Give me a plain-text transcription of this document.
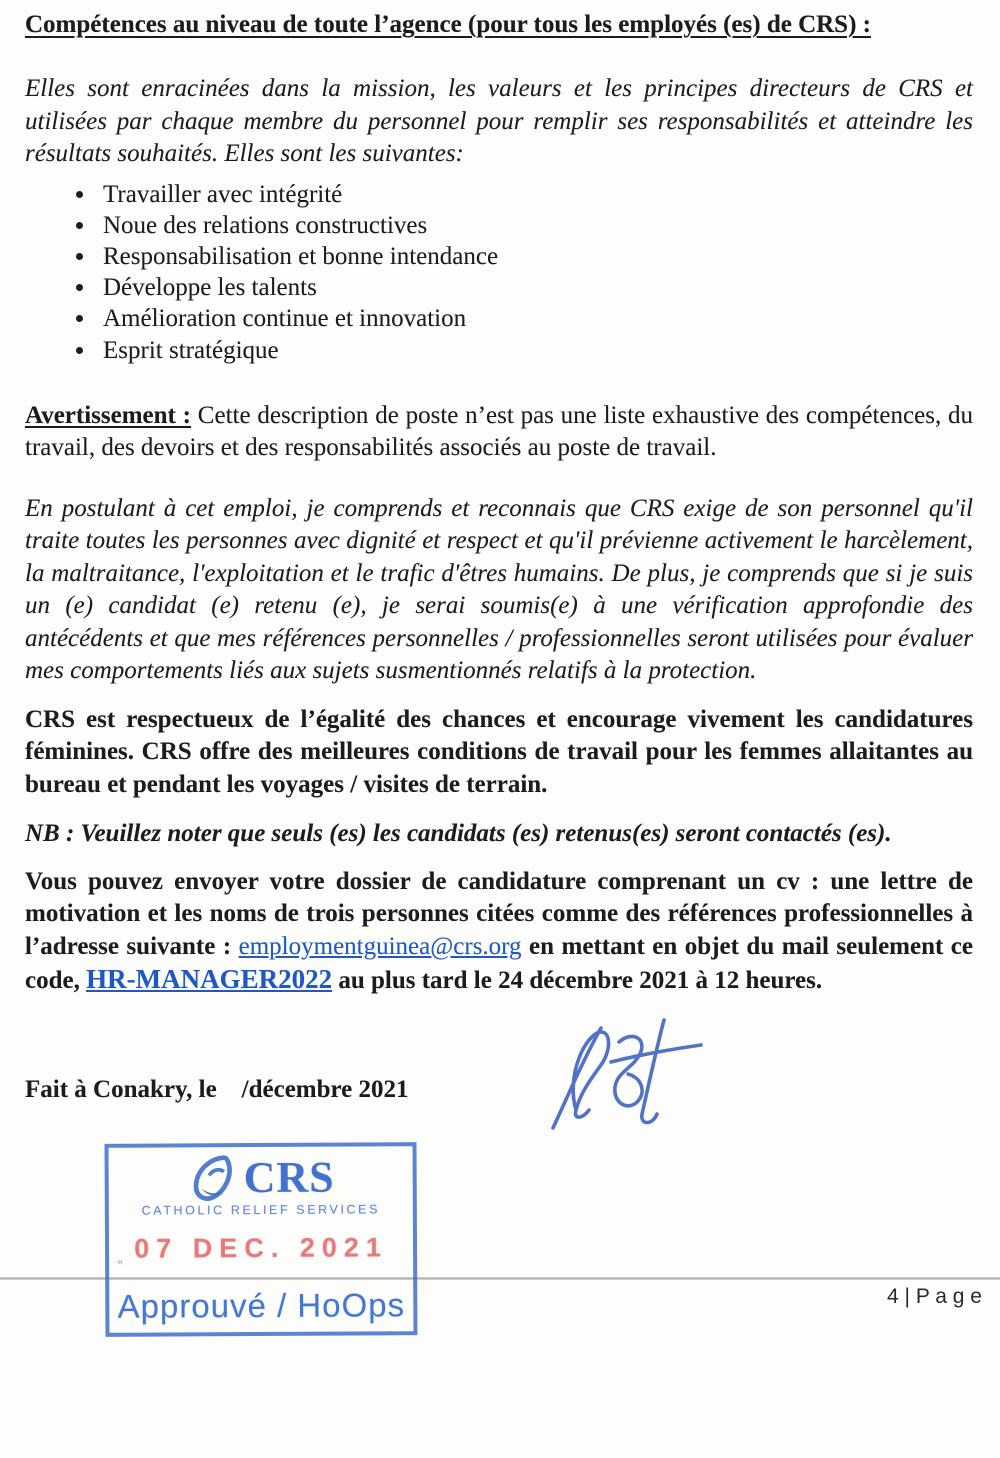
Compétences au niveau de toute l’agence (pour tous les employés (es) de CRS) :

Elles sont enracinées dans la mission, les valeurs et les principes directeurs de CRS et utilisées par chaque membre du personnel pour remplir ses responsabilités et atteindre les résultats souhaités. Elles sont les suivantes:

• Travailler avec intégrité
• Noue des relations constructives
• Responsabilisation et bonne intendance
• Développe les talents
• Amélioration continue et innovation
• Esprit stratégique

Avertissement : Cette description de poste n’est pas une liste exhaustive des compétences, du travail, des devoirs et des responsabilités associés au poste de travail.

En postulant à cet emploi, je comprends et reconnais que CRS exige de son personnel qu'il traite toutes les personnes avec dignité et respect et qu'il prévienne activement le harcèlement, la maltraitance, l'exploitation et le trafic d'êtres humains. De plus, je comprends que si je suis un (e) candidat (e) retenu (e), je serai soumis(e) à une vérification approfondie des antécédents et que mes références personnelles / professionnelles seront utilisées pour évaluer mes comportements liés aux sujets susmentionnés relatifs à la protection.

CRS est respectueux de l’égalité des chances et encourage vivement les candidatures féminines. CRS offre des meilleures conditions de travail pour les femmes allaitantes au bureau et pendant les voyages / visites de terrain.

NB : Veuillez noter que seuls (es) les candidats (es) retenus(es) seront contactés (es).

Vous pouvez envoyer votre dossier de candidature comprenant un cv : une lettre de motivation et les noms de trois personnes citées comme des références professionnelles à l’adresse suivante : employmentguinea@crs.org en mettant en objet du mail seulement ce code, HR-MANAGER2022 au plus tard le 24 décembre 2021 à 12 heures.

Fait à Conakry, le    /décembre 2021
4 | P a g e
CRS
CATHOLIC RELIEF SERVICES
07 DEC. 2021
«
Approuvé / HoOps
